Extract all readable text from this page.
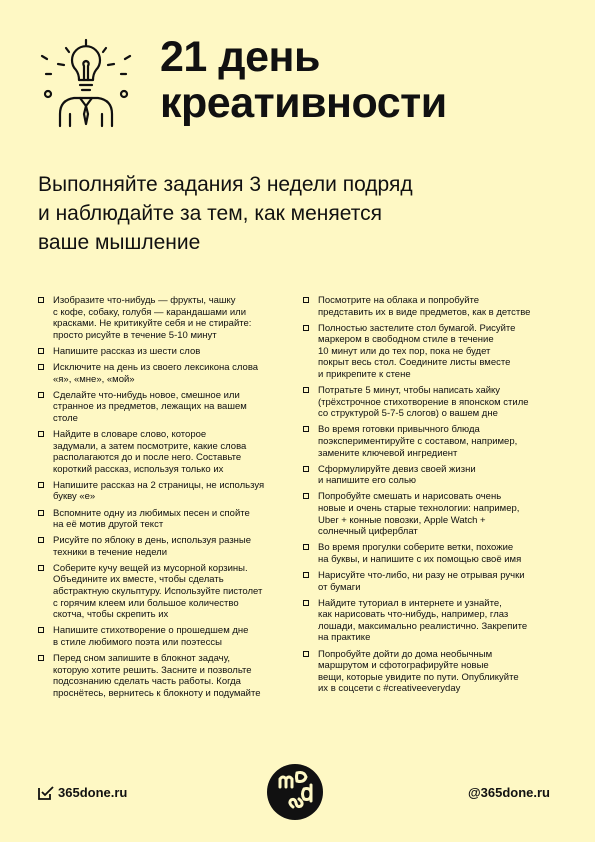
21 день
креативности
Выполняйте задания 3 недели подряд
и наблюдайте за тем, как меняется
ваше мышление
Изобразите что-нибудь — фрукты, чашку
с кофе, собаку, голубя — карандашами или
красками. Не критикуйте себя и не стирайте:
просто рисуйте в течение 5-10 минут
Напишите рассказ из шести слов
Исключите на день из своего лексикона слова
«я», «мне», «мой»
Сделайте что-нибудь новое, смешное или
странное из предметов, лежащих на вашем
столе
Найдите в словаре слово, которое
задумали, а затем посмотрите, какие слова
располагаются до и после него. Составьте
короткий рассказ, используя только их
Напишите рассказ на 2 страницы, не используя
букву «е»
Вспомните одну из любимых песен и спойте
на её мотив другой текст
Рисуйте по яблоку в день, используя разные
техники в течение недели
Соберите кучу вещей из мусорной корзины.
Объедините их вместе, чтобы сделать
абстрактную скульптуру. Используйте пистолет
с горячим клеем или большое количество
скотча, чтобы скрепить их
Напишите стихотворение о прошедшем дне
в стиле любимого поэта или поэтессы
Перед сном запишите в блокнот задачу,
которую хотите решить. Засните и позвольте
подсознанию сделать часть работы. Когда
проснётесь, вернитесь к блокноту и подумайте
Посмотрите на облака и попробуйте
представить их в виде предметов, как в детстве
Полностью застелите стол бумагой. Рисуйте
маркером в свободном стиле в течение
10 минут или до тех пор, пока не будет
покрыт весь стол. Соедините листы вместе
и прикрепите к стене
Потратьте 5 минут, чтобы написать хайку
(трёхстрочное стихотворение в японском стиле
со структурой 5-7-5 слогов) о вашем дне
Во время готовки привычного блюда
поэкспериментируйте с составом, например,
замените ключевой ингредиент
Сформулируйте девиз своей жизни
и напишите его солью
Попробуйте смешать и нарисовать очень
новые и очень старые технологии: например,
Uber + конные повозки, Apple Watch +
солнечный циферблат
Во время прогулки соберите ветки, похожие
на буквы, и напишите с их помощью своё имя
Нарисуйте что-либо, ни разу не отрывая ручки
от бумаги
Найдите туториал в интернете и узнайте,
как нарисовать что-нибудь, например, глаз
лошади, максимально реалистично. Закрепите
на практике
Попробуйте дойти до дома необычным
маршрутом и сфотографируйте новые
вещи, которые увидите по пути. Опубликуйте
их в соцсети с #creativeeveryday
365done.ru	@365done.ru
